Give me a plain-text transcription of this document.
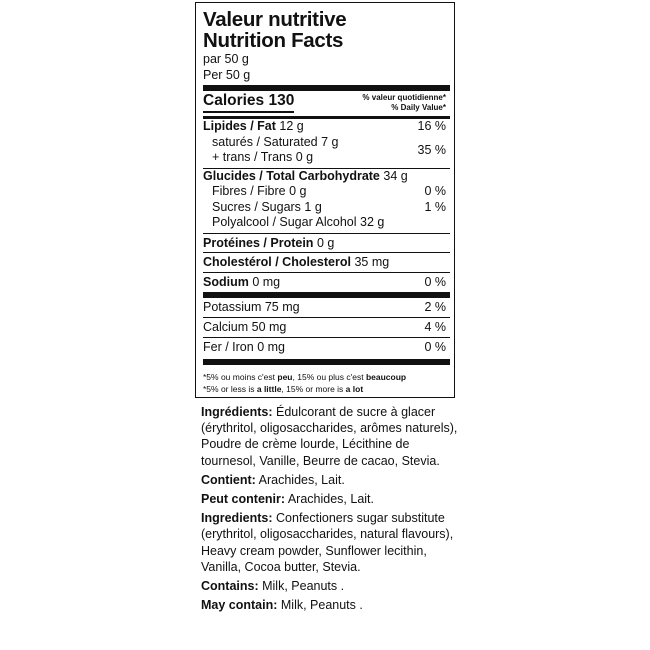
Valeur nutritive
Nutrition Facts
par 50 g
Per 50 g
Calories 130	% valeur quotidienne*
% Daily Value*
Lipides / Fat 12 g	16 %
saturés / Saturated 7 g
+ trans / Trans 0 g	35 %
Glucides / Total Carbohydrate 34 g
Fibres / Fibre 0 g	0 %
Sucres / Sugars 1 g	1 %
Polyalcool / Sugar Alcohol 32 g
Protéines / Protein 0 g
Cholestérol / Cholesterol 35 mg
Sodium 0 mg	0 %
Potassium 75 mg	2 %
Calcium 50 mg	4 %
Fer / Iron 0 mg	0 %
*5% ou moins c'est peu, 15% ou plus c'est beaucoup
*5% or less is a little, 15% or more is a lot

Ingrédients: Édulcorant de sucre à glacer (érythritol, oligosaccharides, arômes naturels), Poudre de crème lourde, Lécithine de tournesol, Vanille, Beurre de cacao, Stevia.

Contient: Arachides, Lait.

Peut contenir: Arachides, Lait.

Ingredients: Confectioners sugar substitute (erythritol, oligosaccharides, natural flavours), Heavy cream powder, Sunflower lecithin, Vanilla, Cocoa butter, Stevia.

Contains: Milk, Peanuts .

May contain: Milk, Peanuts .
